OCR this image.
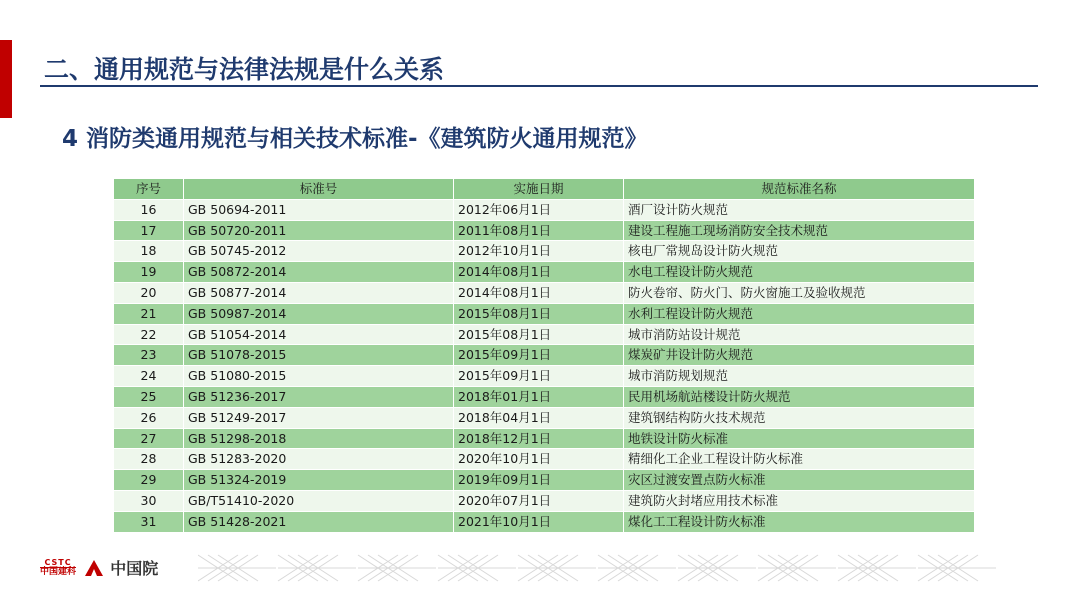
二、通用规范与法律法规是什么关系
4 消防类通用规范与相关技术标准-《建筑防火通用规范》
序号	标准号	实施日期	规范标准名称
16	GB 50694-2011	2012年06月1日	酒厂设计防火规范
17	GB 50720-2011	2011年08月1日	建设工程施工现场消防安全技术规范
18	GB 50745-2012	2012年10月1日	核电厂常规岛设计防火规范
19	GB 50872-2014	2014年08月1日	水电工程设计防火规范
20	GB 50877-2014	2014年08月1日	防火卷帘、防火门、防火窗施工及验收规范
21	GB 50987-2014	2015年08月1日	水利工程设计防火规范
22	GB 51054-2014	2015年08月1日	城市消防站设计规范
23	GB 51078-2015	2015年09月1日	煤炭矿井设计防火规范
24	GB 51080-2015	2015年09月1日	城市消防规划规范
25	GB 51236-2017	2018年01月1日	民用机场航站楼设计防火规范
26	GB 51249-2017	2018年04月1日	建筑钢结构防火技术规范
27	GB 51298-2018	2018年12月1日	地铁设计防火标准
28	GB 51283-2020	2020年10月1日	精细化工企业工程设计防火标准
29	GB 51324-2019	2019年09月1日	灾区过渡安置点防火标准
30	GB/T51410-2020	2020年07月1日	建筑防火封堵应用技术标准
31	GB 51428-2021	2021年10月1日	煤化工工程设计防火标准
CSTC
中国建科 中国院
